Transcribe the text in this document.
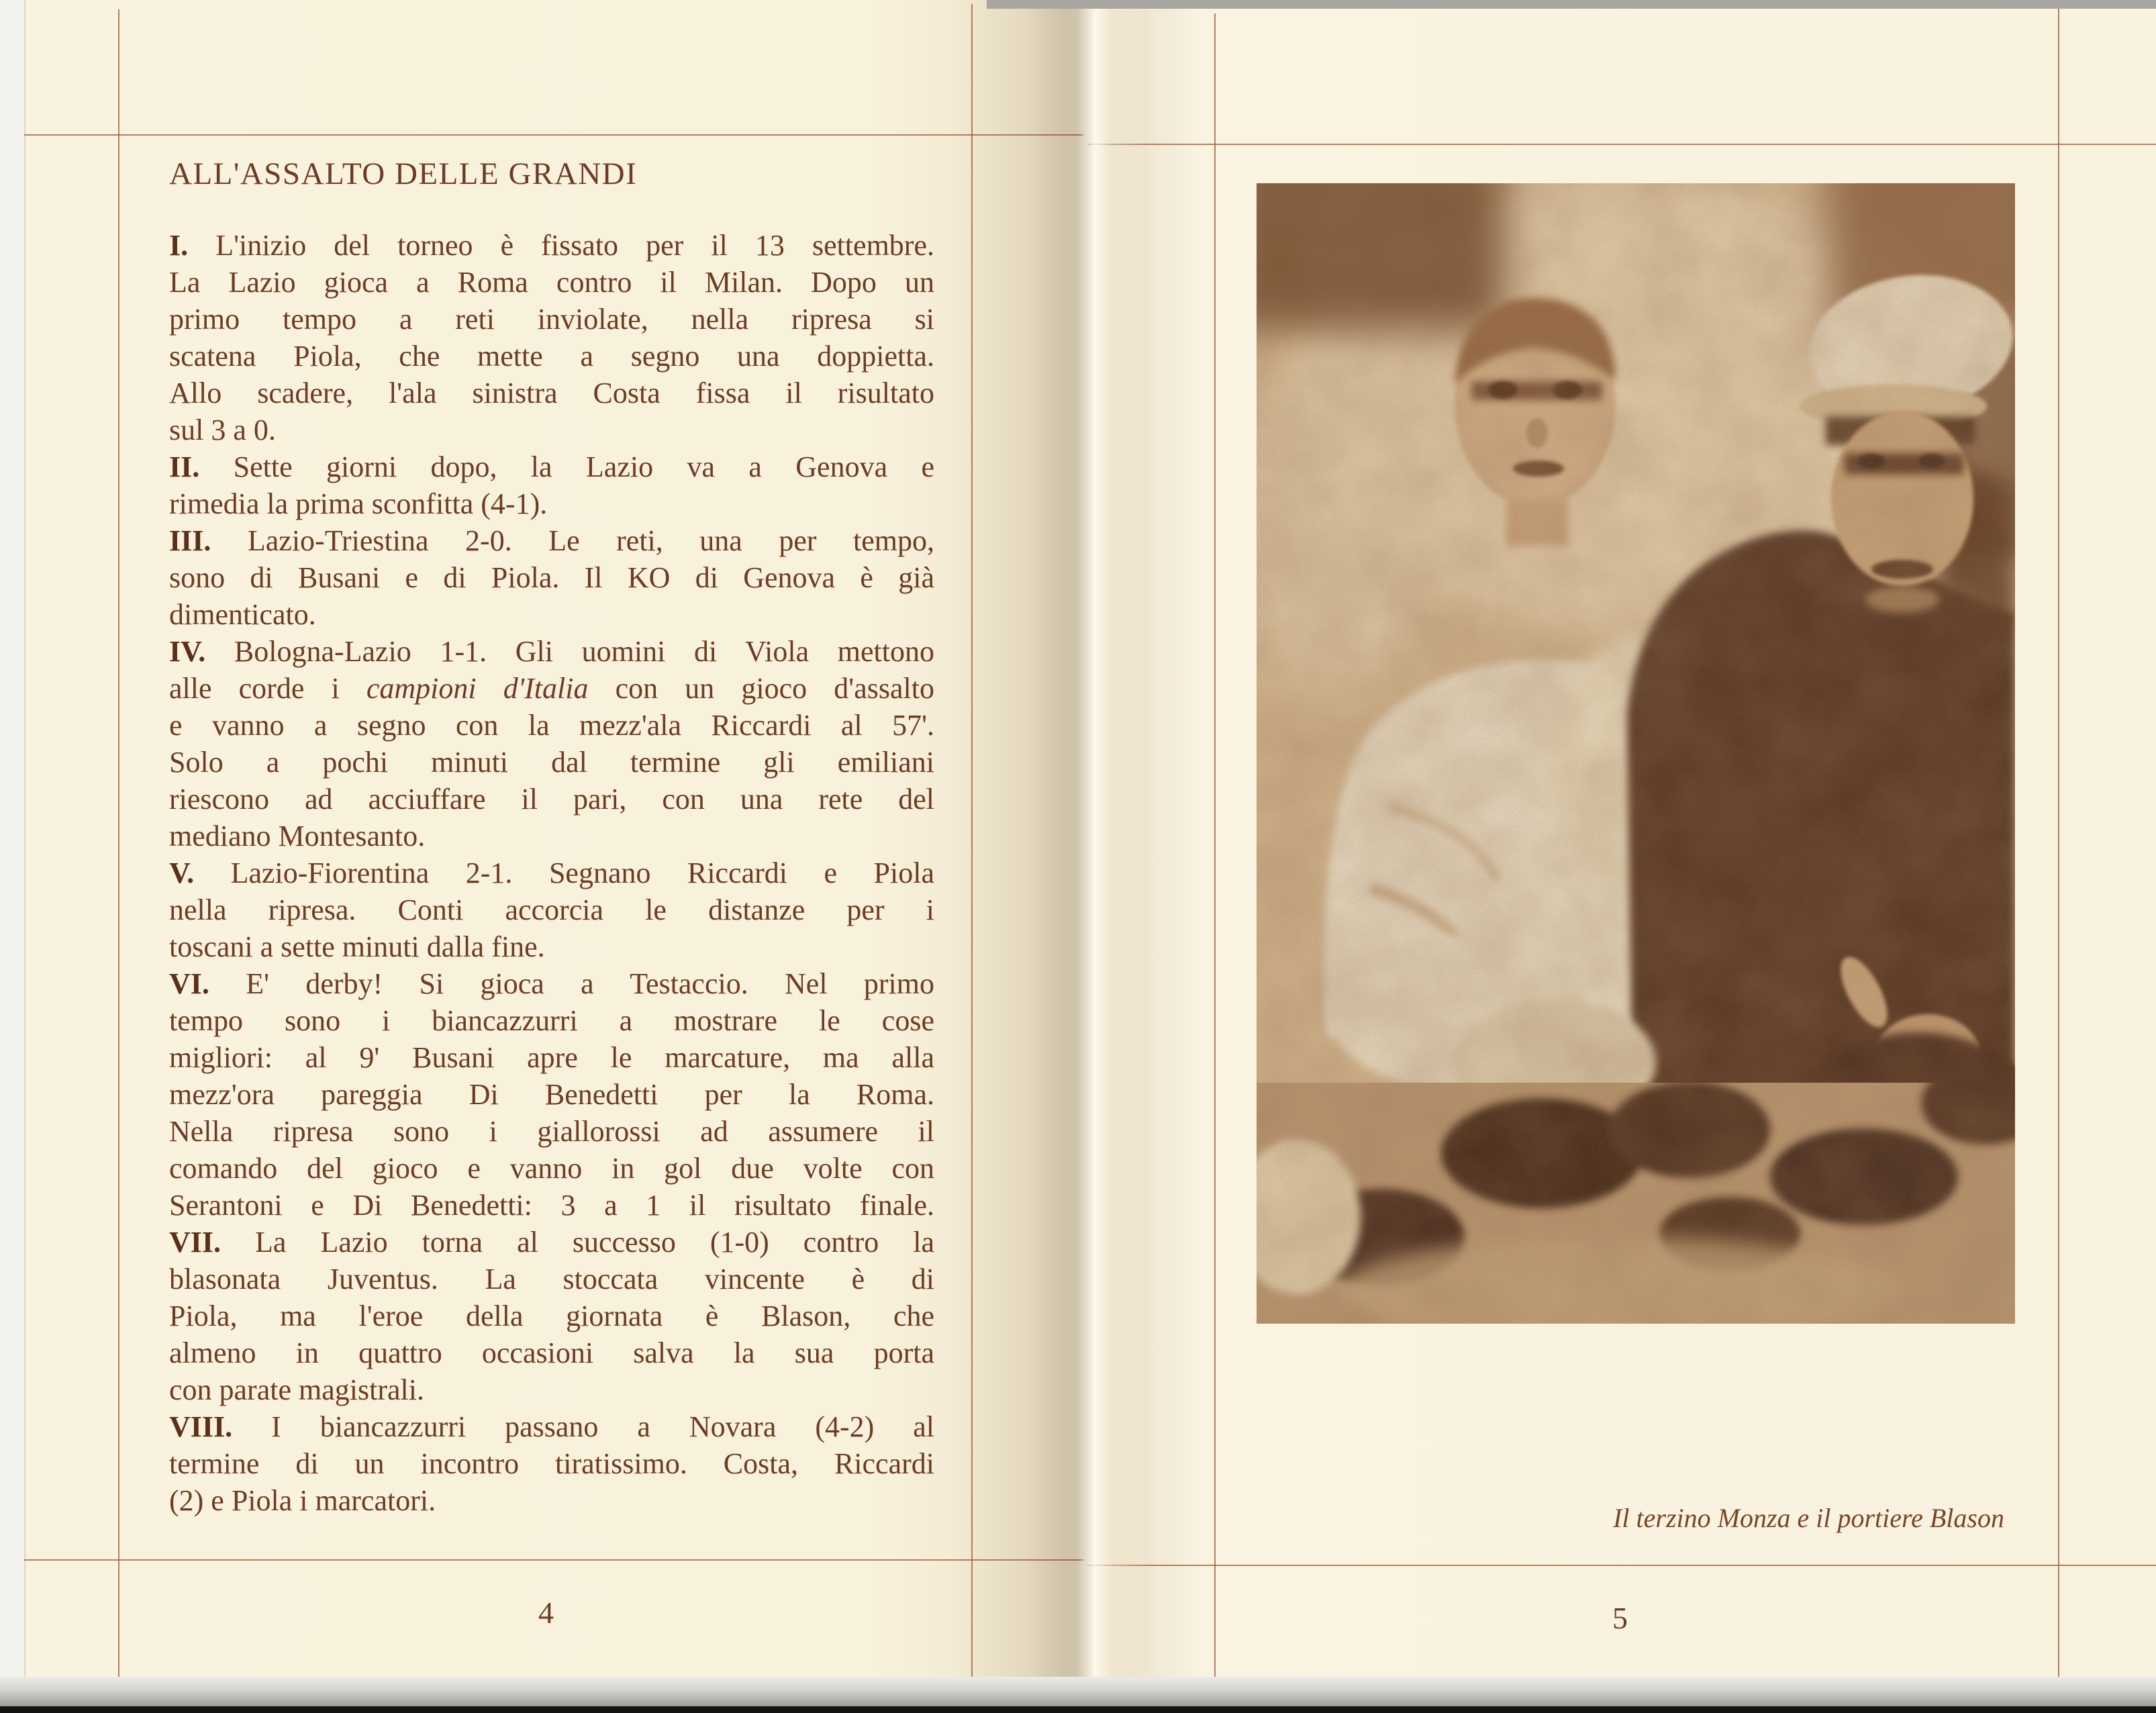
ALL'ASSALTO DELLE GRANDI
I. L'inizio del torneo è fissato per il 13 settembre.
La Lazio gioca a Roma contro il Milan. Dopo un
primo tempo a reti inviolate, nella ripresa si
scatena Piola, che mette a segno una doppietta.
Allo scadere, l'ala sinistra Costa fissa il risultato
sul 3 a 0.
II. Sette giorni dopo, la Lazio va a Genova e
rimedia la prima sconfitta (4-1).
III. Lazio-Triestina 2-0. Le reti, una per tempo,
sono di Busani e di Piola. Il KO di Genova è già
dimenticato.
IV. Bologna-Lazio 1-1. Gli uomini di Viola mettono
alle corde i campioni d'Italia con un gioco d'assalto
e vanno a segno con la mezz'ala Riccardi al 57'.
Solo a pochi minuti dal termine gli emiliani
riescono ad acciuffare il pari, con una rete del
mediano Montesanto.
V. Lazio-Fiorentina 2-1. Segnano Riccardi e Piola
nella ripresa. Conti accorcia le distanze per i
toscani a sette minuti dalla fine.
VI. E' derby! Si gioca a Testaccio. Nel primo
tempo sono i biancazzurri a mostrare le cose
migliori: al 9' Busani apre le marcature, ma alla
mezz'ora pareggia Di Benedetti per la Roma.
Nella ripresa sono i giallorossi ad assumere il
comando del gioco e vanno in gol due volte con
Serantoni e Di Benedetti: 3 a 1 il risultato finale.
VII. La Lazio torna al successo (1-0) contro la
blasonata Juventus. La stoccata vincente è di
Piola, ma l'eroe della giornata è Blason, che
almeno in quattro occasioni salva la sua porta
con parate magistrali.
VIII. I biancazzurri passano a Novara (4-2) al
termine di un incontro tiratissimo. Costa, Riccardi
(2) e Piola i marcatori.
Il terzino Monza e il portiere Blason
4	5
